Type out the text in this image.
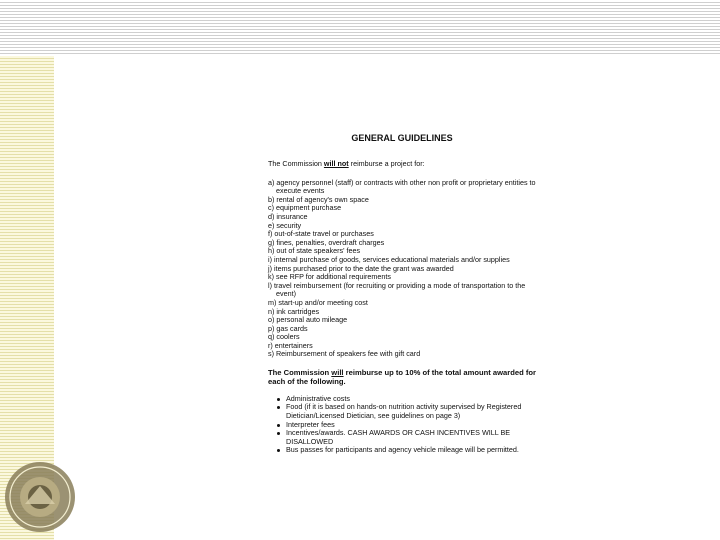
GENERAL GUIDELINES
The Commission will not reimburse a project for:
a) agency personnel (staff) or contracts with other non profit or proprietary entities to execute events
b) rental of agency's own space
c) equipment purchase
d) insurance
e) security
f) out-of-state travel or purchases
g) fines, penalties, overdraft charges
h) out of state speakers' fees
i) internal purchase of goods, services educational materials and/or supplies
j) items purchased prior to the date the grant was awarded
k) see RFP for additional requirements
l) travel reimbursement (for recruiting or providing a mode of transportation to the event)
m) start-up and/or meeting cost
n) ink cartridges
o) personal auto mileage
p) gas cards
q) coolers
r) entertainers
s) Reimbursement of speakers fee with gift card
The Commission will reimburse up to 10% of the total amount awarded for each of the following.
Administrative costs
Food (if it is based on hands-on nutrition activity supervised by Registered Dietician/Licensed Dietician, see guidelines on page 3)
Interpreter fees
Incentives/awards. CASH AWARDS OR CASH INCENTIVES WILL BE DISALLOWED
Bus passes for participants and agency vehicle mileage will be permitted.
